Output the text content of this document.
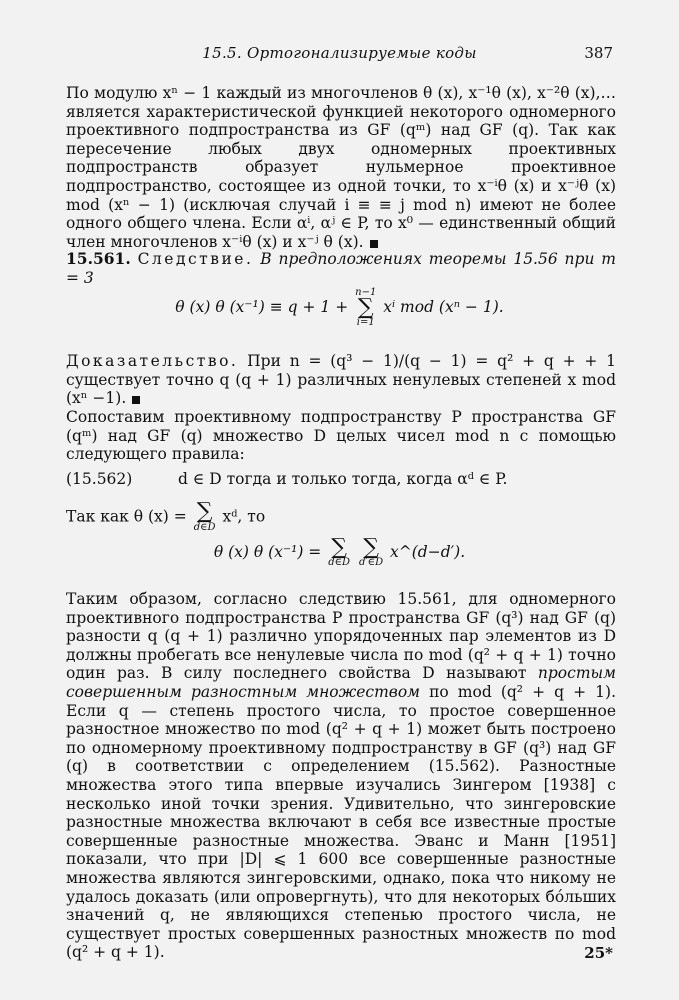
15.5. Ортогонализируемые коды	387
По модулю xⁿ − 1 каждый из многочленов θ (x), x⁻¹θ (x), x⁻²θ (x),… является характеристической функцией некоторого одномерного проективного подпространства из GF (qᵐ) над GF (q). Так как пересечение любых двух одномерных проективных подпространств образует нульмерное проективное подпространство, состоящее из одной точки, то x⁻ⁱθ (x) и x⁻ʲθ (x) mod (xⁿ − 1) (исключая случай i ≡ ≡ j mod n) имеют не более одного общего члена. Если αⁱ, αʲ ∈ P, то x⁰ — единственный общий член многочленов x⁻ⁱθ (x) и x⁻ʲ θ (x).
15.561. Следствие. В предположениях теоремы 15.56 при m = 3
θ (x) θ (x⁻¹) ≡ q + 1 +
n−1
∑
i=1
xⁱ mod (xⁿ − 1).
Доказательство. При n = (q³ − 1)/(q − 1) = q² + q + + 1 существует точно q (q + 1) различных ненулевых степеней x mod (xⁿ −1).
Сопоставим проективному подпространству P пространства GF (qᵐ) над GF (q) множество D целых чисел mod n с помощью следующего правила:
(15.562)	d ∈ D тогда и только тогда, когда αᵈ ∈ P.
Так как θ (x) = ∑
d∈D
xᵈ, то
θ (x) θ (x⁻¹) = ∑
d∈D
∑
d′∈D
x^(d−d′).
Таким образом, согласно следствию 15.561, для одномерного проективного подпространства P пространства GF (q³) над GF (q) разности q (q + 1) различно упорядоченных пар элементов из D должны пробегать все ненулевые числа по mod (q² + q + 1) точно один раз. В силу последнего свойства D называют простым совершенным разностным множеством по mod (q² + q + 1). Если q — степень простого числа, то простое совершенное разностное множество по mod (q² + q + 1) может быть построено по одномерному проективному подпространству в GF (q³) над GF (q) в соответствии с определением (15.562). Разностные множества этого типа впервые изучались Зингером [1938] с несколько иной точки зрения. Удивительно, что зингеровские разностные множества включают в себя все известные простые совершенные разностные множества. Эванс и Манн [1951] показали, что при |D| ⩽ 1 600 все совершенные разностные множества являются зингеровскими, однако, пока что никому не удалось доказать (или опровергнуть), что для некоторых бо́льших значений q, не являющихся степенью простого числа, не существует простых совершенных разностных множеств по mod (q² + q + 1).	25*
